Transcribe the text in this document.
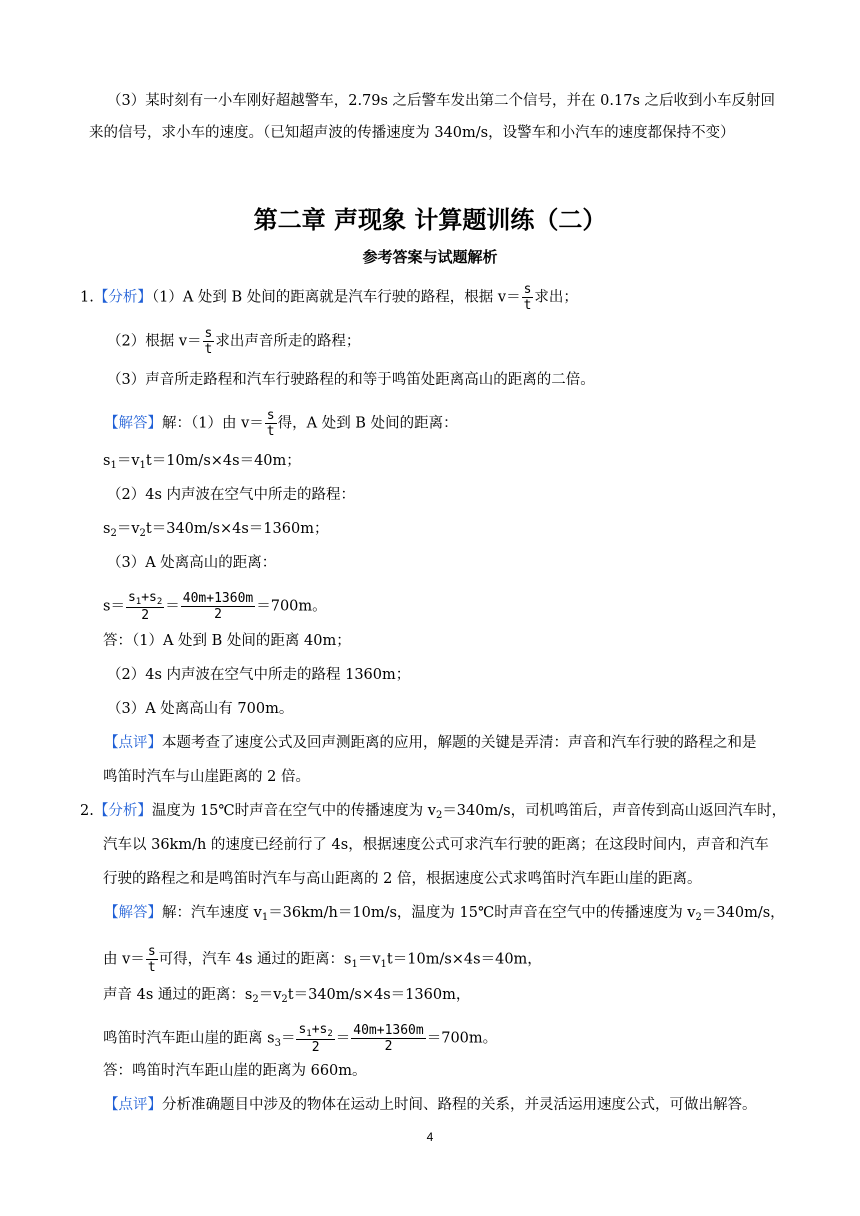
（3）某时刻有一小车刚好超越警车，2.79s 之后警车发出第二个信号，并在 0.17s 之后收到小车反射回
来的信号，求小车的速度。（已知超声波的传播速度为 340m/s，设警车和小汽车的速度都保持不变）
第二章 声现象 计算题训练（二）
参考答案与试题解析
1.【分析】（1）A 处到 B 处间的距离就是汽车行驶的路程，根据 $v= \frac{s}{t}$ 求出；
（2）根据 $v= \frac{s}{t}$ 求出声音所走的路程；
（3）声音所走路程和汽车行驶路程的和等于鸣笛处距离高山的距离的二倍。
【解答】解：（1）由 $v= \frac{s}{t}$ 得，A 处到 B 处间的距离：
$s_1=v_1t=10m/s\times 4s=40m$；
（2）4s 内声波在空气中所走的路程：
$s_2=v_2t=340m/s\times 4s=1360m$；
（3）A 处离高山的距离：
$s= \frac{s_1+s_2}{2} = \frac{40m+1360m}{2} =700m$。
答：（1）A 处到 B 处间的距离 40m；
（2）4s 内声波在空气中所走的路程 1360m；
（3）A 处离高山有 700m。
【点评】本题考查了速度公式及回声测距离的应用，解题的关键是弄清：声音和汽车行驶的路程之和是
鸣笛时汽车与山崖距离的 2 倍。
2.【分析】温度为 15℃时声音在空气中的传播速度为 $v_2=340m/s$，司机鸣笛后，声音传到高山返回汽车时，
汽车以 36km/h 的速度已经前行了 4s，根据速度公式可求汽车行驶的距离；在这段时间内，声音和汽车
行驶的路程之和是鸣笛时汽车与高山距离的 2 倍，根据速度公式求鸣笛时汽车距山崖的距离。
【解答】解：汽车速度 $v_1=36km/h=10m/s$，温度为 15℃时声音在空气中的传播速度为 $v_2=340m/s$，
由 $v= \frac{s}{t}$ 可得，汽车 4s 通过的距离：$s_1=v_1t=10m/s\times 4s=40m$，
声音 4s 通过的距离：$s_2=v_2t=340m/s\times 4s=1360m$，
鸣笛时汽车距山崖的距离 $s_3= \frac{s_1+s_2}{2} = \frac{40m+1360m}{2} =700m$。
答：鸣笛时汽车距山崖的距离为 660m。
【点评】分析准确题目中涉及的物体在运动上时间、路程的关系，并灵活运用速度公式，可做出解答。
4
